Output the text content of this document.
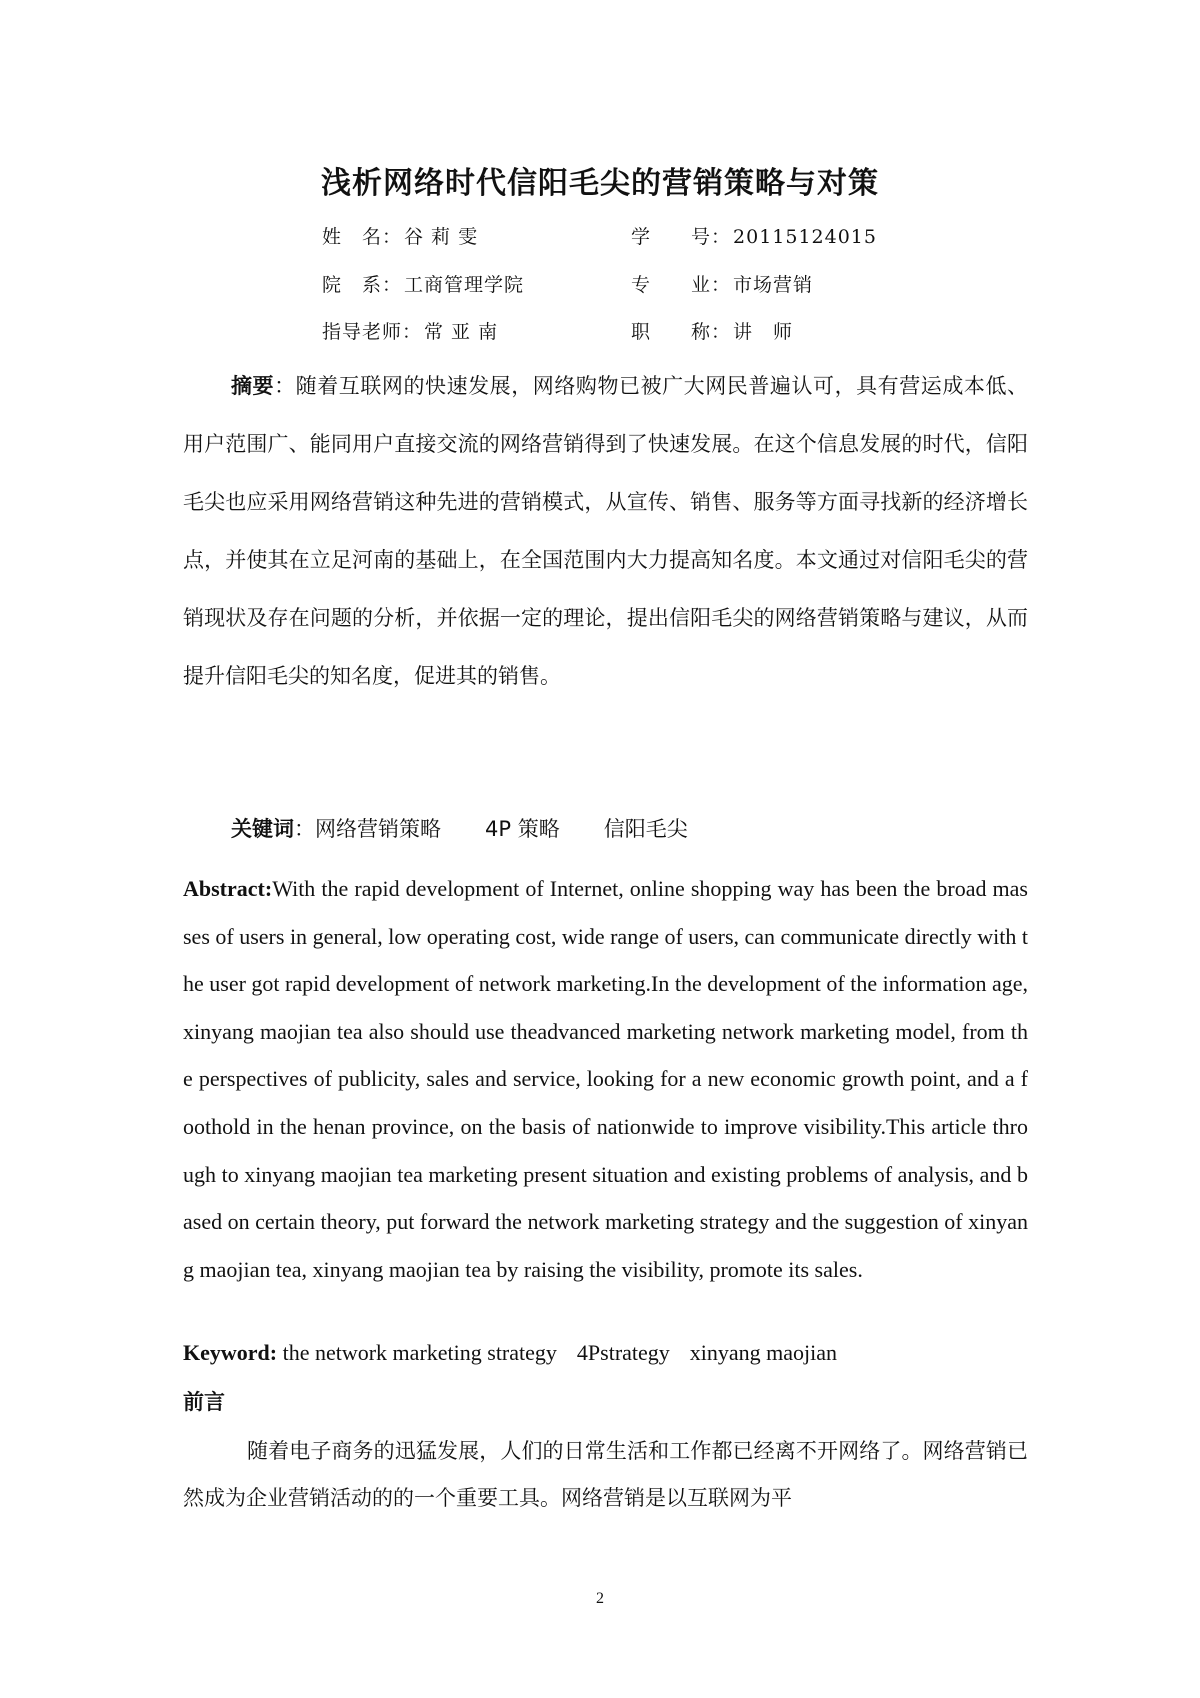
浅析网络时代信阳毛尖的营销策略与对策
姓　名： 谷 莉 雯	学　　号： 20115124015
院　系： 工商管理学院	专　　业： 市场营销
指导老师： 常 亚 南	职　　称： 讲　师
摘要：随着互联网的快速发展，网络购物已被广大网民普遍认可，具有营运成本低、用户范围广、能同用户直接交流的网络营销得到了快速发展。在这个信息发展的时代，信阳毛尖也应采用网络营销这种先进的营销模式，从宣传、销售、服务等方面寻找新的经济增长点，并使其在立足河南的基础上，在全国范围内大力提高知名度。本文通过对信阳毛尖的营销现状及存在问题的分析，并依据一定的理论，提出信阳毛尖的网络营销策略与建议，从而提升信阳毛尖的知名度，促进其的销售。
关键词：网络营销策略 4P 策略 信阳毛尖
Abstract:With the rapid development of Internet, online shopping way has been the broad masses of users in general, low operating cost, wide range of users, can communicate directly with the user got rapid development of network marketing.In the development of the information age, xinyang maojian tea also should use theadvanced marketing network marketing model, from the perspectives of publicity, sales and service, looking for a new economic growth point, and a foothold in the henan province, on the basis of nationwide to improve visibility.This article through to xinyang maojian tea marketing present situation and existing problems of analysis, and based on certain theory, put forward the network marketing strategy and the suggestion of xinyang maojian tea, xinyang maojian tea by raising the visibility, promote its sales.
Keyword: the network marketing strategy 4Pstrategy xinyang maojian
前言
随着电子商务的迅猛发展，人们的日常生活和工作都已经离不开网络了。网络营销已然成为企业营销活动的的一个重要工具。网络营销是以互联网为平
2
